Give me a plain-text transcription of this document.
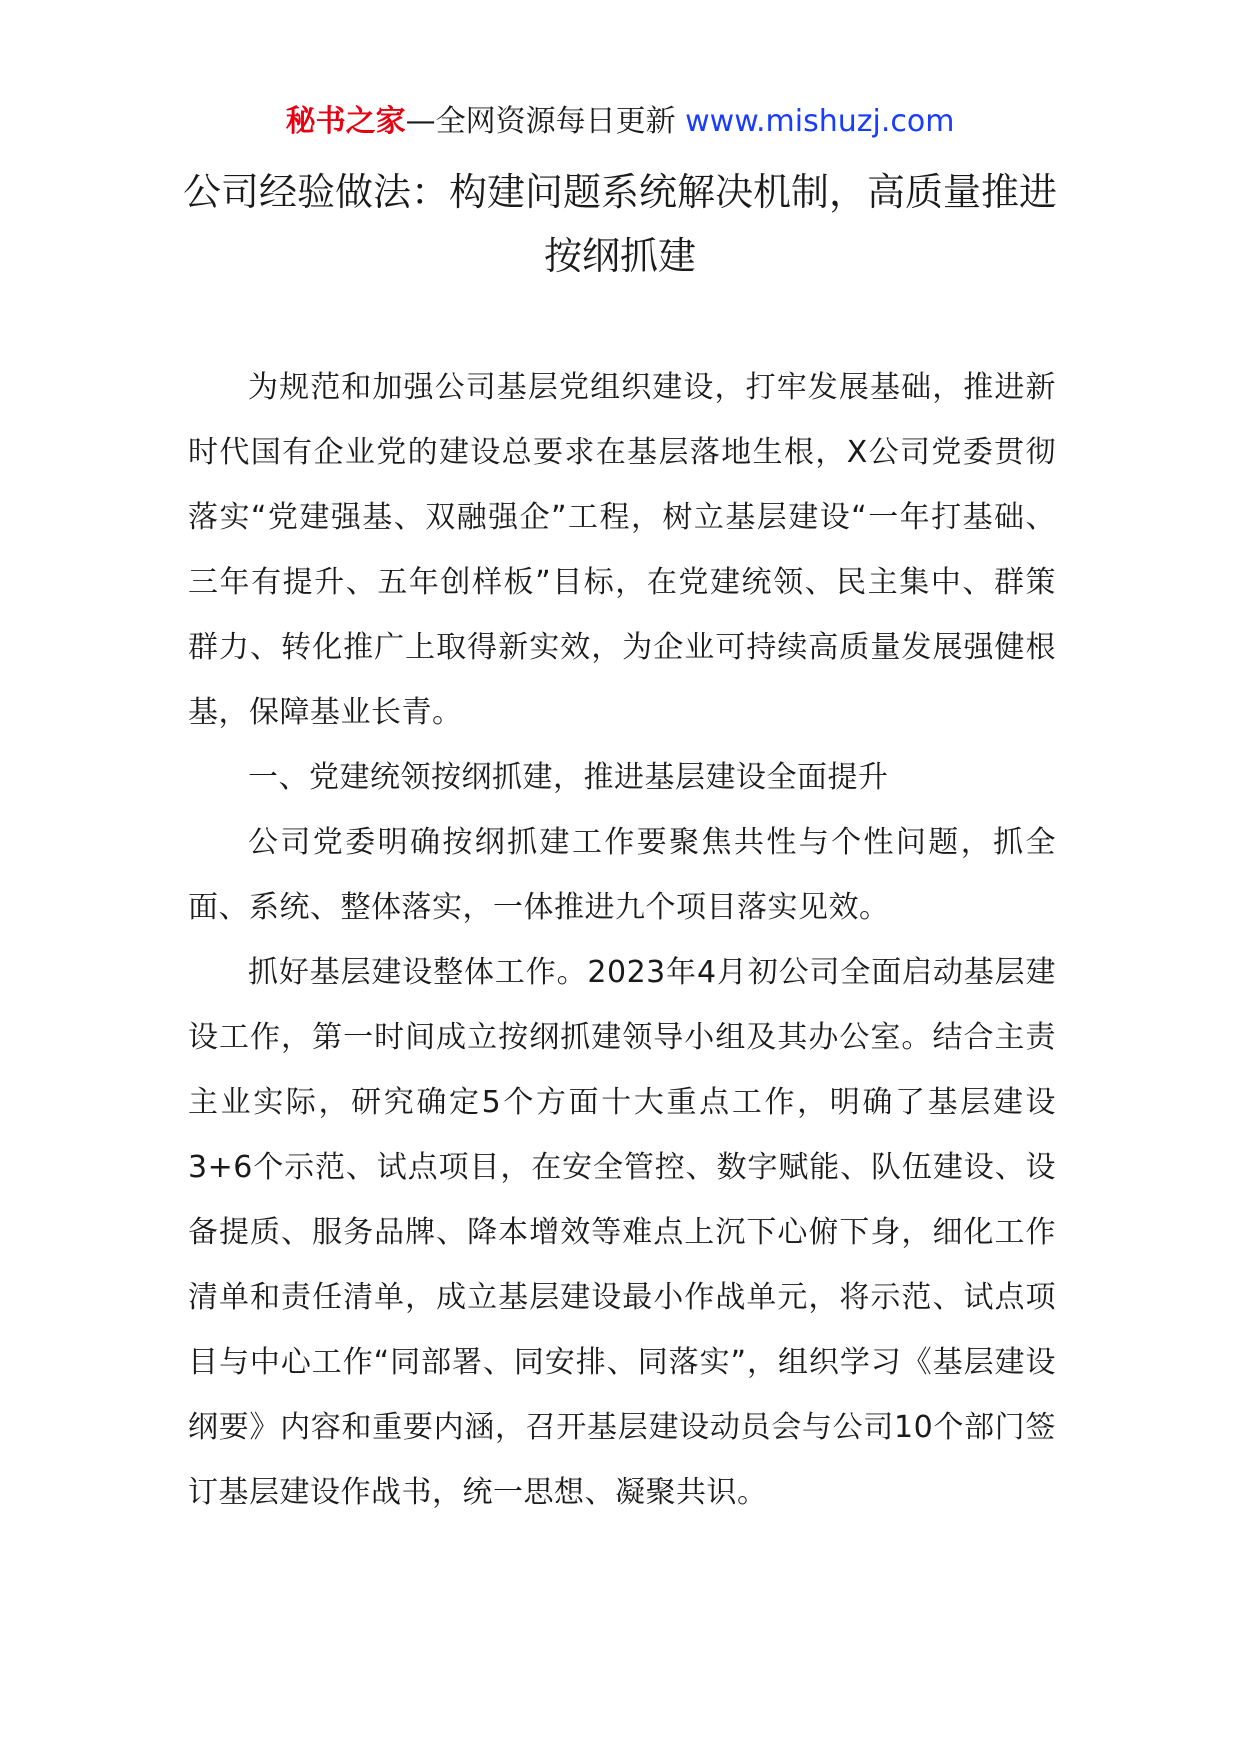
秘书之家—全网资源每日更新 www.mishuzj.com
公司经验做法：构建问题系统解决机制，高质量推进按纲抓建

为规范和加强公司基层党组织建设，打牢发展基础，推进新时代国有企业党的建设总要求在基层落地生根，X公司党委贯彻落实“党建强基、双融强企”工程，树立基层建设“一年打基础、三年有提升、五年创样板”目标，在党建统领、民主集中、群策群力、转化推广上取得新实效，为企业可持续高质量发展强健根基，保障基业长青。

一、党建统领按纲抓建，推进基层建设全面提升

公司党委明确按纲抓建工作要聚焦共性与个性问题，抓全面、系统、整体落实，一体推进九个项目落实见效。

抓好基层建设整体工作。2023年4月初公司全面启动基层建设工作，第一时间成立按纲抓建领导小组及其办公室。结合主责主业实际，研究确定5个方面十大重点工作，明确了基层建设3+6个示范、试点项目，在安全管控、数字赋能、队伍建设、设备提质、服务品牌、降本增效等难点上沉下心俯下身，细化工作清单和责任清单，成立基层建设最小作战单元，将示范、试点项目与中心工作“同部署、同安排、同落实”，组织学习《基层建设纲要》内容和重要内涵，召开基层建设动员会与公司10个部门签订基层建设作战书，统一思想、凝聚共识。
